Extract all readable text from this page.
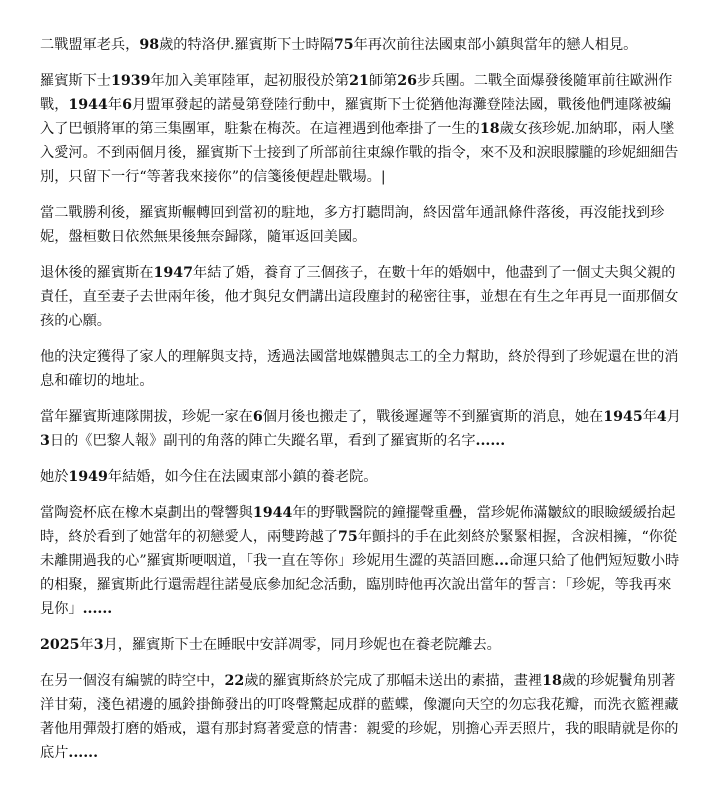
二戰盟軍老兵，98歲的特洛伊.羅賓斯下士時隔75年再次前往法國東部小鎮與當年的戀人相見。

羅賓斯下士1939年加入美軍陸軍，起初服役於第21師第26步兵團。二戰全面爆發後隨軍前往歐洲作戰，1944年6月盟軍發起的諾曼第登陸行動中，羅賓斯下士從猶他海灘登陸法國，戰後他們連隊被編入了巴頓將軍的第三集團軍，駐紮在梅茨。在這裡遇到他牽掛了一生的18歲女孩珍妮.加納耶，兩人墜入愛河。不到兩個月後，羅賓斯下士接到了所部前往東線作戰的指令，來不及和淚眼朦朧的珍妮細細告別，只留下一行“等著我來接你”的信箋後便趕赴戰場。|

當二戰勝利後，羅賓斯輾轉回到當初的駐地，多方打聽問詢，終因當年通訊條件落後，再沒能找到珍妮，盤桓數日依然無果後無奈歸隊，隨軍返回美國。

退休後的羅賓斯在1947年結了婚，養育了三個孩子，在數十年的婚姻中，他盡到了一個丈夫與父親的責任，直至妻子去世兩年後，他才與兒女們講出這段塵封的秘密往事，並想在有生之年再見一面那個女孩的心願。

他的決定獲得了家人的理解與支持，透過法國當地媒體與志工的全力幫助，終於得到了珍妮還在世的消息和確切的地址。

當年羅賓斯連隊開拔，珍妮一家在6個月後也搬走了，戰後遲遲等不到羅賓斯的消息，她在1945年4月3日的《巴黎人報》副刊的角落的陣亡失蹤名單，看到了羅賓斯的名字......

她於1949年結婚，如今住在法國東部小鎮的養老院。

當陶瓷杯底在橡木桌劃出的聲響與1944年的野戰醫院的鐘擺聲重疊，當珍妮佈滿皺紋的眼瞼緩緩抬起時，終於看到了她當年的初戀愛人，兩雙跨越了75年顫抖的手在此刻終於緊緊相握，含淚相擁，“你從未離開過我的心”羅賓斯哽咽道，「我一直在等你」珍妮用生澀的英語回應...命運只給了他們短短數小時的相聚，羅賓斯此行還需趕往諾曼底參加紀念活動，臨別時他再次說出當年的誓言：「珍妮，等我再來見你」......

2025年3月，羅賓斯下士在睡眠中安詳凋零，同月珍妮也在養老院離去。

在另一個沒有編號的時空中，22歲的羅賓斯終於完成了那幅未送出的素描，畫裡18歲的珍妮鬢角別著洋甘菊，淺色裙邊的風鈴掛飾發出的叮咚聲驚起成群的藍蝶，像灑向天空的勿忘我花瓣，而洗衣籃裡藏著他用彈殼打磨的婚戒，還有那封寫著愛意的情書：親愛的珍妮，別擔心弄丟照片，我的眼睛就是你的底片......
